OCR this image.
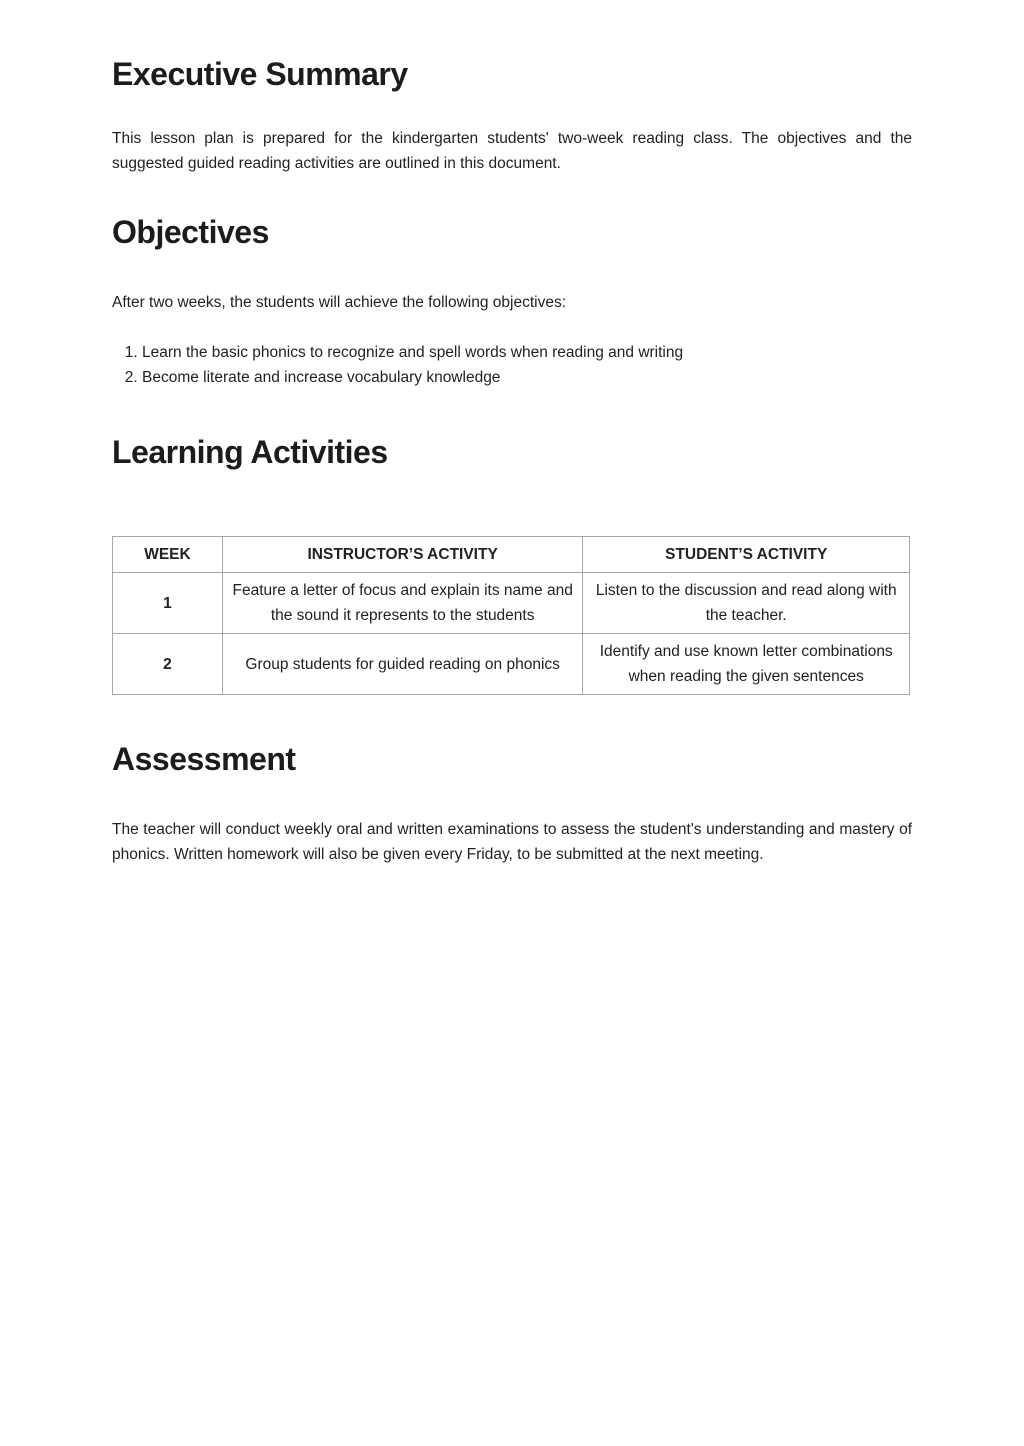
Executive Summary

This lesson plan is prepared for the kindergarten students' two-week reading class. The objectives and the suggested guided reading activities are outlined in this document.

Objectives

After two weeks, the students will achieve the following objectives:

1. Learn the basic phonics to recognize and spell words when reading and writing
2. Become literate and increase vocabulary knowledge
Learning Activities
WEEK	INSTRUCTOR’S ACTIVITY	STUDENT’S ACTIVITY
1	Feature a letter of focus and explain its name and the sound it represents to the students	Listen to the discussion and read along with the teacher.
2	Group students for guided reading on phonics	Identify and use known letter combinations when reading the given sentences
Assessment

The teacher will conduct weekly oral and written examinations to assess the student's understanding and mastery of phonics. Written homework will also be given every Friday, to be submitted at the next meeting.
